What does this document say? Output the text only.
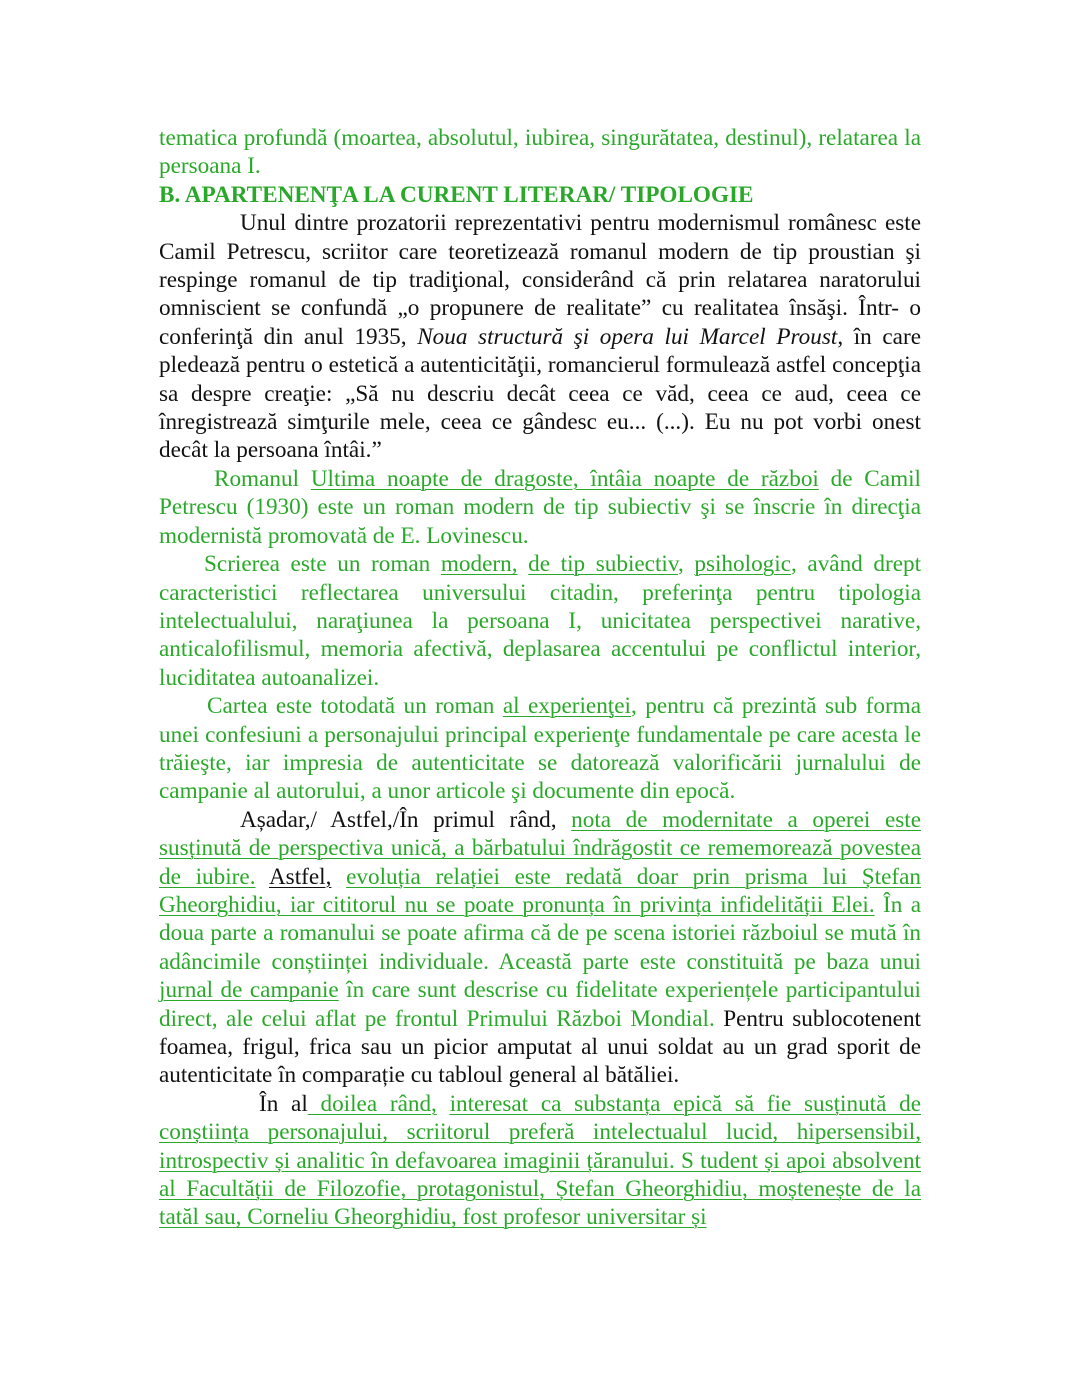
tematica profundă (moartea, absolutul, iubirea, singurătatea, destinul), relatarea la persoana I.

B. APARTENENŢA LA CURENT LITERAR/ TIPOLOGIE

Unul dintre prozatorii reprezentativi pentru modernismul românesc este Camil Petrescu, scriitor care teoretizează romanul modern de tip proustian şi respinge romanul de tip tradiţional, considerând că prin relatarea naratorului omniscient se confundă „o propunere de realitate” cu realitatea însăşi. Într- o conferinţă din anul 1935, Noua structură şi opera lui Marcel Proust, în care pledează pentru o estetică a autenticităţii, romancierul formulează astfel concepţia sa despre creaţie: „Să nu descriu decât ceea ce văd, ceea ce aud, ceea ce înregistrează simţurile mele, ceea ce gândesc eu... (...). Eu nu pot vorbi onest decât la persoana întâi.”

Romanul Ultima noapte de dragoste, întâia noapte de război de Camil Petrescu (1930) este un roman modern de tip subiectiv şi se înscrie în direcţia modernistă promovată de E. Lovinescu.

Scrierea este un roman modern, de tip subiectiv, psihologic, având drept caracteristici reflectarea universului citadin, preferinţa pentru tipologia intelectualului, naraţiunea la persoana I, unicitatea perspectivei narative, anticalofilismul, memoria afectivă, deplasarea accentului pe conflictul interior, luciditatea autoanalizei.

Cartea este totodată un roman al experienţei, pentru că prezintă sub forma unei confesiuni a personajului principal experienţe fundamentale pe care acesta le trăieşte, iar impresia de autenticitate se datorează valorificării jurnalului de campanie al autorului, a unor articole şi documente din epocă.

Așadar,/ Astfel,/În primul rând, nota de modernitate a operei este susținută de perspectiva unică, a bărbatului îndrăgostit ce rememorează povestea de iubire. Astfel, evoluția relației este redată doar prin prisma lui Ștefan Gheorghidiu, iar cititorul nu se poate pronunța în privința infidelității Elei. În a doua parte a romanului se poate afirma că de pe scena istoriei războiul se mută în adâncimile conștiinței individuale. Această parte este constituită pe baza unui jurnal de campanie în care sunt descrise cu fidelitate experiențele participantului direct, ale celui aflat pe frontul Primului Război Mondial. Pentru sublocotenent foamea, frigul, frica sau un picior amputat al unui soldat au un grad sporit de autenticitate în comparație cu tabloul general al bătăliei.

În al doilea rând, interesat ca substanța epică să fie susținută de conștiința personajului, scriitorul preferă intelectualul lucid, hipersensibil, introspectiv și analitic în defavoarea imaginii țăranului. S tudent și apoi absolvent al Facultății de Filozofie, protagonistul, Ștefan Gheorghidiu, moștenește de la tatăl sau, Corneliu Gheorghidiu, fost profesor universitar și
